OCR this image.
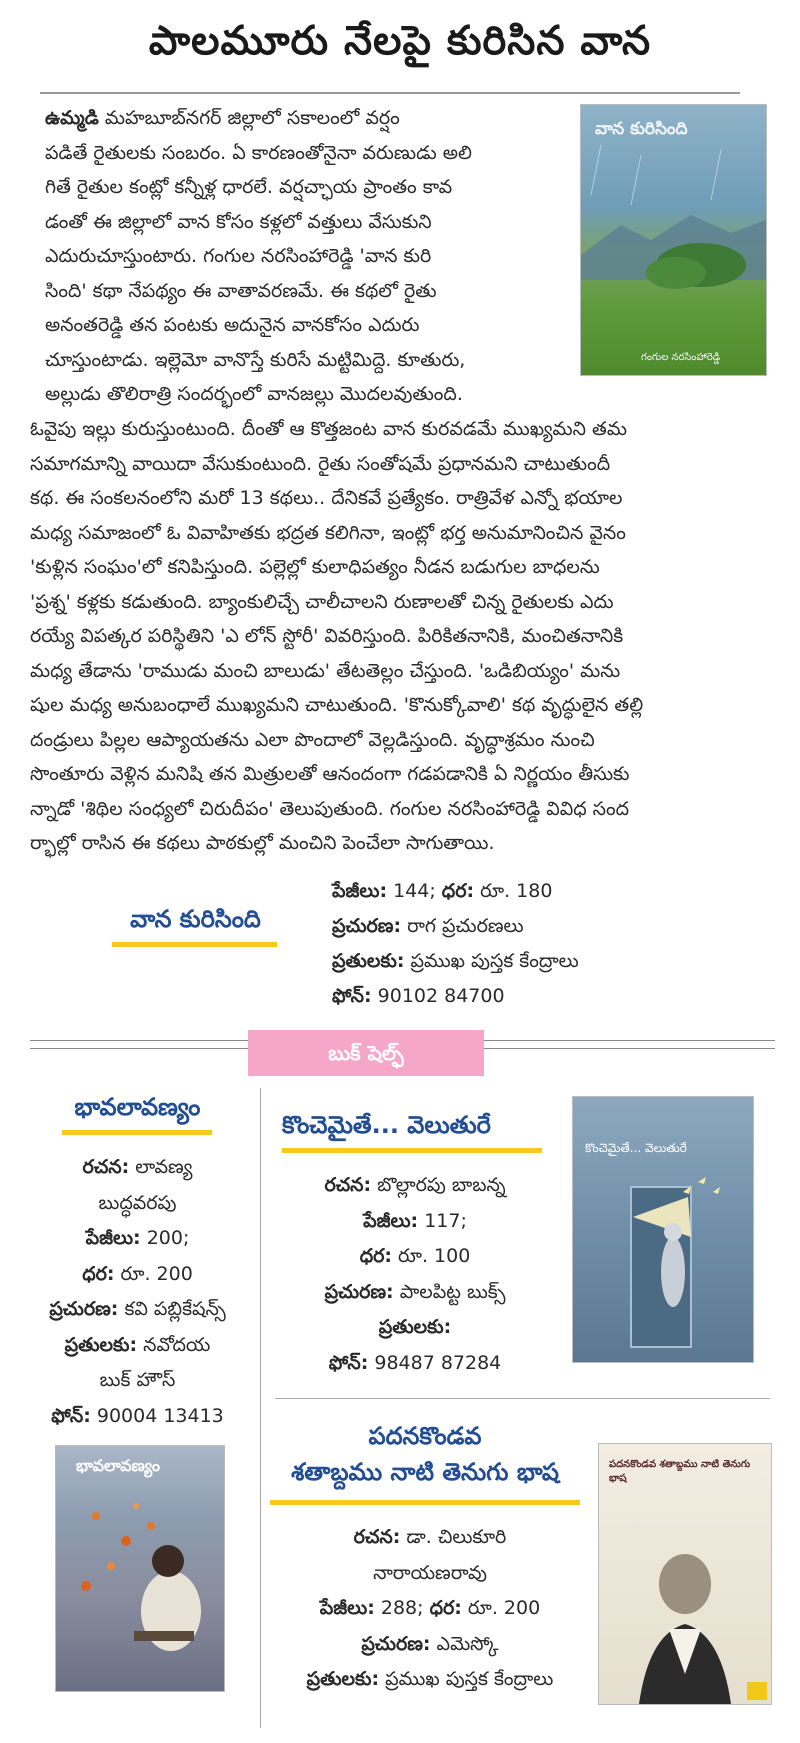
పాలమూరు నేలపై కురిసిన వాన

ఉమ్మడి మహబూబ్‌నగర్ జిల్లాలో సకాలంలో వర్షం

పడితే రైతులకు సంబరం. ఏ కారణంతోనైనా వరుణుడు అలి

గితే రైతుల కంట్లో కన్నీళ్ల ధారలే. వర్షచ్ఛాయ ప్రాంతం కావ

డంతో ఈ జిల్లాలో వాన కోసం కళ్లలో వత్తులు వేసుకుని

ఎదురుచూస్తుంటారు. గంగుల నరసింహారెడ్డి 'వాన కురి

సింది' కథా నేపథ్యం ఈ వాతావరణమే. ఈ కథలో రైతు

అనంతరెడ్డి తన పంటకు అదునైన వానకోసం ఎదురు

చూస్తుంటాడు. ఇల్లెమో వానొస్తే కురిసే మట్టిమిద్దె. కూతురు,

అల్లుడు తొలిరాత్రి సందర్భంలో వానజల్లు మొదలవుతుంది.

వాన కురిసింది
గంగుల నరసింహారెడ్డి

ఓవైపు ఇల్లు కురుస్తుంటుంది. దీంతో ఆ కొత్తజంట వాన కురవడమే ముఖ్యమని తమ

సమాగమాన్ని వాయిదా వేసుకుంటుంది. రైతు సంతోషమే ప్రధానమని చాటుతుందీ

కథ. ఈ సంకలనంలోని మరో 13 కథలు.. దేనికవే ప్రత్యేకం. రాత్రివేళ ఎన్నో భయాల

మధ్య సమాజంలో ఓ వివాహితకు భద్రత కలిగినా, ఇంట్లో భర్త అనుమానించిన వైనం

'కుళ్లిన సంఘం'లో కనిపిస్తుంది. పల్లెల్లో కులాధిపత్యం నీడన బడుగుల బాధలను

'ప్రశ్న' కళ్లకు కడుతుంది. బ్యాంకులిచ్చే చాలీచాలని రుణాలతో చిన్న రైతులకు ఎదు

రయ్యే విపత్కర పరిస్థితిని 'ఎ లోన్ స్టోరీ' వివరిస్తుంది. పిరికితనానికి, మంచితనానికి

మధ్య తేడాను 'రాముడు మంచి బాలుడు' తేటతెల్లం చేస్తుంది. 'ఒడిబియ్యం' మను

షుల మధ్య అనుబంధాలే ముఖ్యమని చాటుతుంది. 'కొనుక్కోవాలి' కథ వృద్ధులైన తల్లి

దండ్రులు పిల్లల ఆప్యాయతను ఎలా పొందాలో వెల్లడిస్తుంది. వృద్ధాశ్రమం నుంచి

సొంతూరు వెళ్లిన మనిషి తన మిత్రులతో ఆనందంగా గడపడానికి ఏ నిర్ణయం తీసుకు

న్నాడో 'శిథిల సంధ్యలో చిరుదీపం' తెలుపుతుంది. గంగుల నరసింహారెడ్డి వివిధ సంద

ర్భాల్లో రాసిన ఈ కథలు పాఠకుల్లో మంచిని పెంచేలా సాగుతాయి.

వాన కురిసింది
పేజీలు: 144; ధర: రూ. 180
ప్రచురణ: రాగ ప్రచురణలు
ప్రతులకు: ప్రముఖ పుస్తక కేంద్రాలు
ఫోన్: 90102 84700
బుక్ షెల్ఫ్
భావలావణ్యం
రచన: లావణ్య
బుద్ధవరపు
పేజీలు: 200;
ధర: రూ. 200
ప్రచురణ: కవి పబ్లికేషన్స్
ప్రతులకు: నవోదయ
బుక్ హౌస్
ఫోన్: 90004 13413
భావలావణ్యం
కొంచెమైతే... వెలుతురే
రచన: బొల్లారపు బాబన్న
పేజీలు: 117;
ధర: రూ. 100
ప్రచురణ: పాలపిట్ట బుక్స్
ప్రతులకు:
ఫోన్: 98487 87284
కొంచెమైతే... వెలుతురే
పదనకొండవ
శతాబ్దము నాటి తెనుగు భాష
రచన: డా. చిలుకూరి
నారాయణరావు
పేజీలు: 288; ధర: రూ. 200
ప్రచురణ: ఎమెస్కో
ప్రతులకు: ప్రముఖ పుస్తక కేంద్రాలు
పదనకొండవ శతాబ్దము నాటి తెనుగు భాష
